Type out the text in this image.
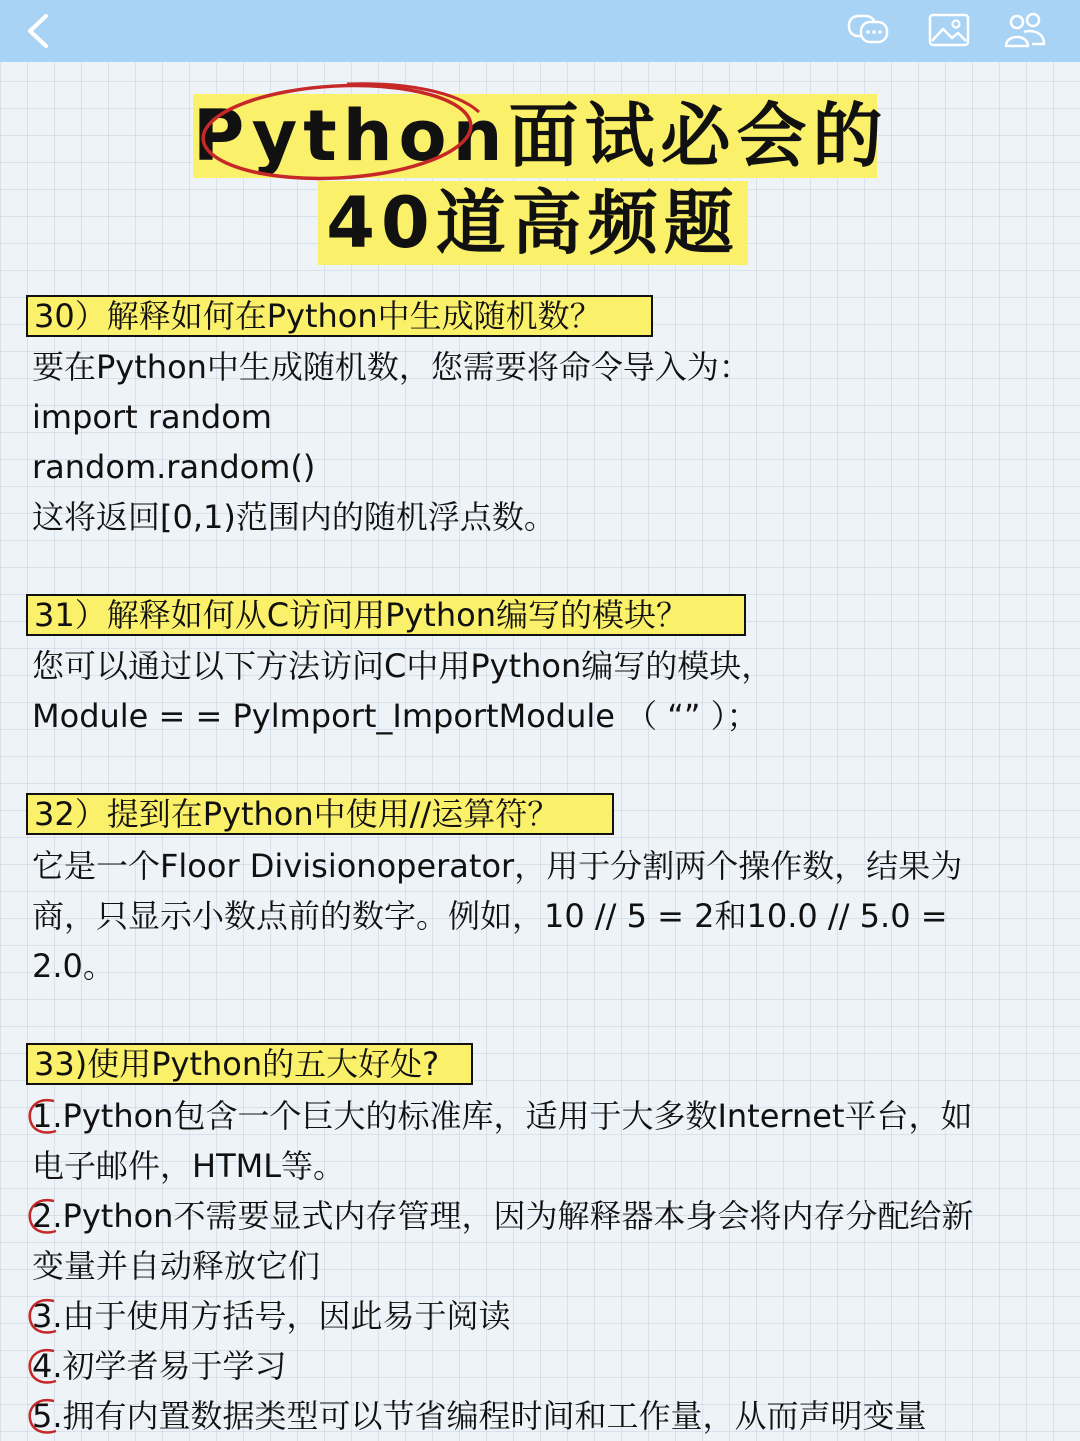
Python面试必会的
40道高频题
30）解释如何在Python中生成随机数？
要在Python中生成随机数，您需要将命令导入为：
import random
random.random()
这将返回[0,1)范围内的随机浮点数。
31）解释如何从C访问用Python编写的模块？
您可以通过以下方法访问C中用Python编写的模块，
Module = = Pylmport_ImportModule （ “” ）；
32）提到在Python中使用//运算符？
它是一个Floor Divisionoperator，用于分割两个操作数，结果为
商，只显示小数点前的数字。例如，10 // 5 = 2和10.0 // 5.0 =
2.0。
33)使用Python的五大好处?
1.Python包含一个巨大的标准库，适用于大多数Internet平台，如
电子邮件，HTML等。
2.Python不需要显式内存管理，因为解释器本身会将内存分配给新
变量并自动释放它们
3.由于使用方括号，因此易于阅读
4.初学者易于学习
5.拥有内置数据类型可以节省编程时间和工作量，从而声明变量
